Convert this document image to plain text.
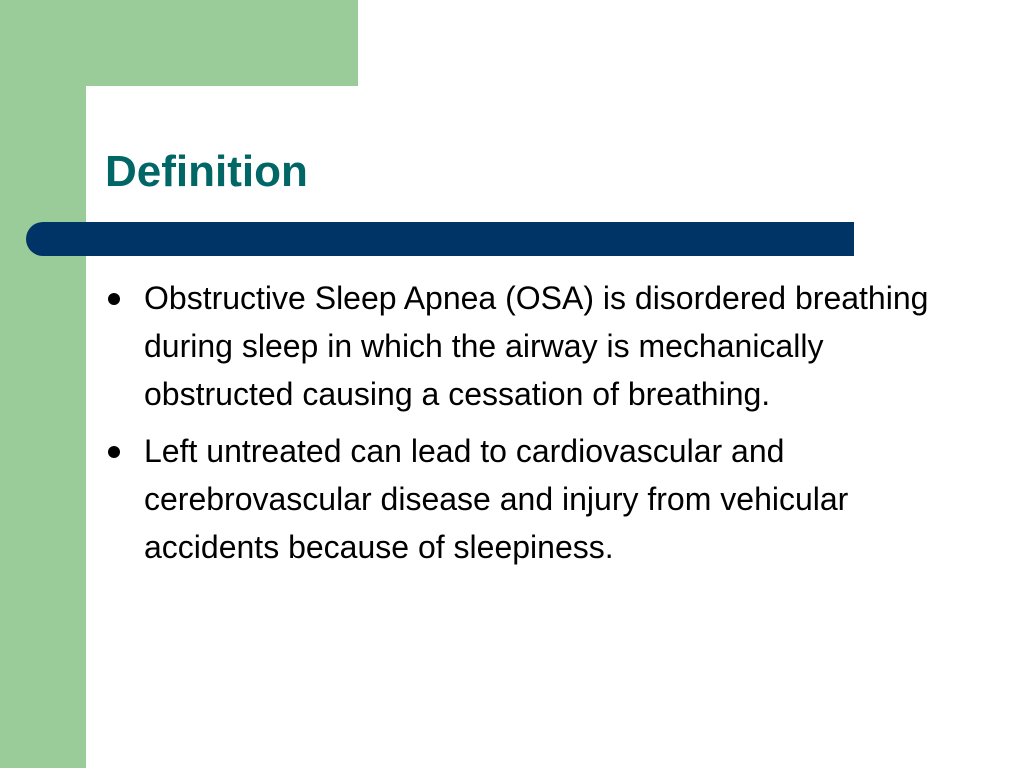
Definition
Obstructive Sleep Apnea (OSA) is disordered breathing during sleep in which the airway is mechanically obstructed causing a cessation of breathing.
Left untreated can lead to cardiovascular and cerebrovascular disease and injury from vehicular accidents because of sleepiness.
